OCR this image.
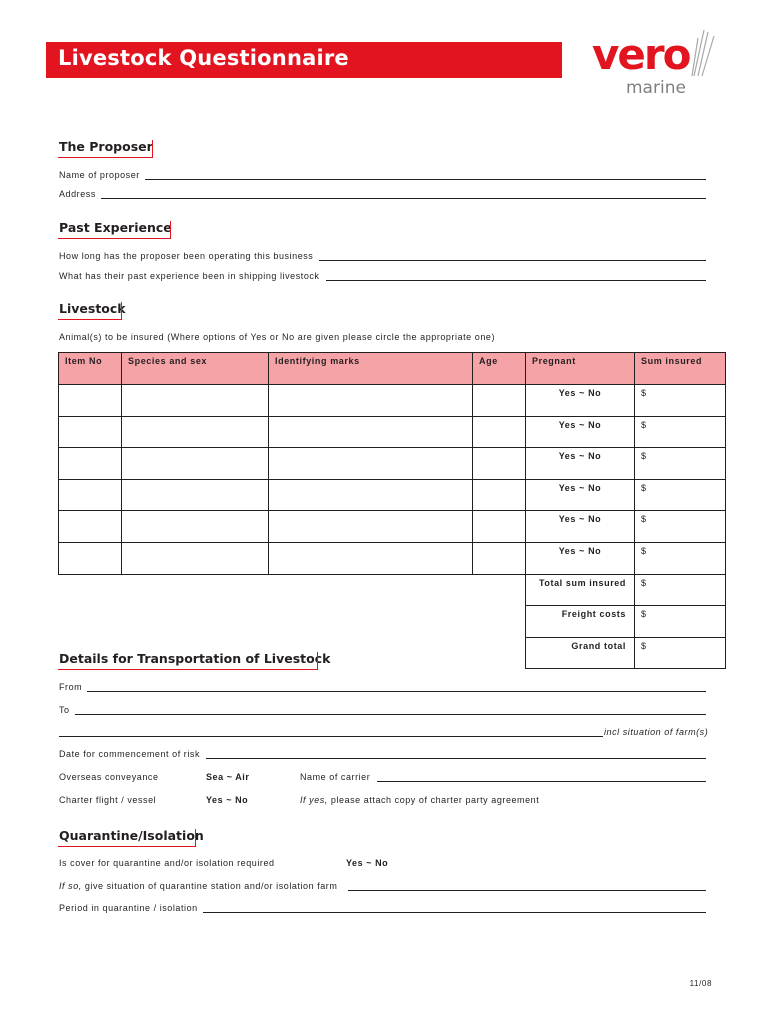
Livestock Questionnaire	vero
marine
The Proposer
Name of proposer
Address
Past Experience
How long has the proposer been operating this business
What has their past experience been in shipping livestock
Livestock
Animal(s) to be insured (Where options of Yes or No are given please circle the appropriate one)
Item No	Species and sex	Identifying marks	Age	Pregnant	Sum insured
				Yes ~ No	$
				Yes ~ No	$
				Yes ~ No	$
				Yes ~ No	$
				Yes ~ No	$
				Yes ~ No	$
				Total sum insured	$
				Freight costs	$
				Grand total	$
Details for Transportation of Livestock
From
To
incl situation of farm(s)
Date for commencement of risk
Overseas conveyance	Sea ~ Air	Name of carrier
Charter flight / vessel	Yes ~ No	If yes, please attach copy of charter party agreement
Quarantine/Isolation
Is cover for quarantine and/or isolation required	Yes ~ No
If so, give situation of quarantine station and/or isolation farm
Period in quarantine / isolation
11/08
